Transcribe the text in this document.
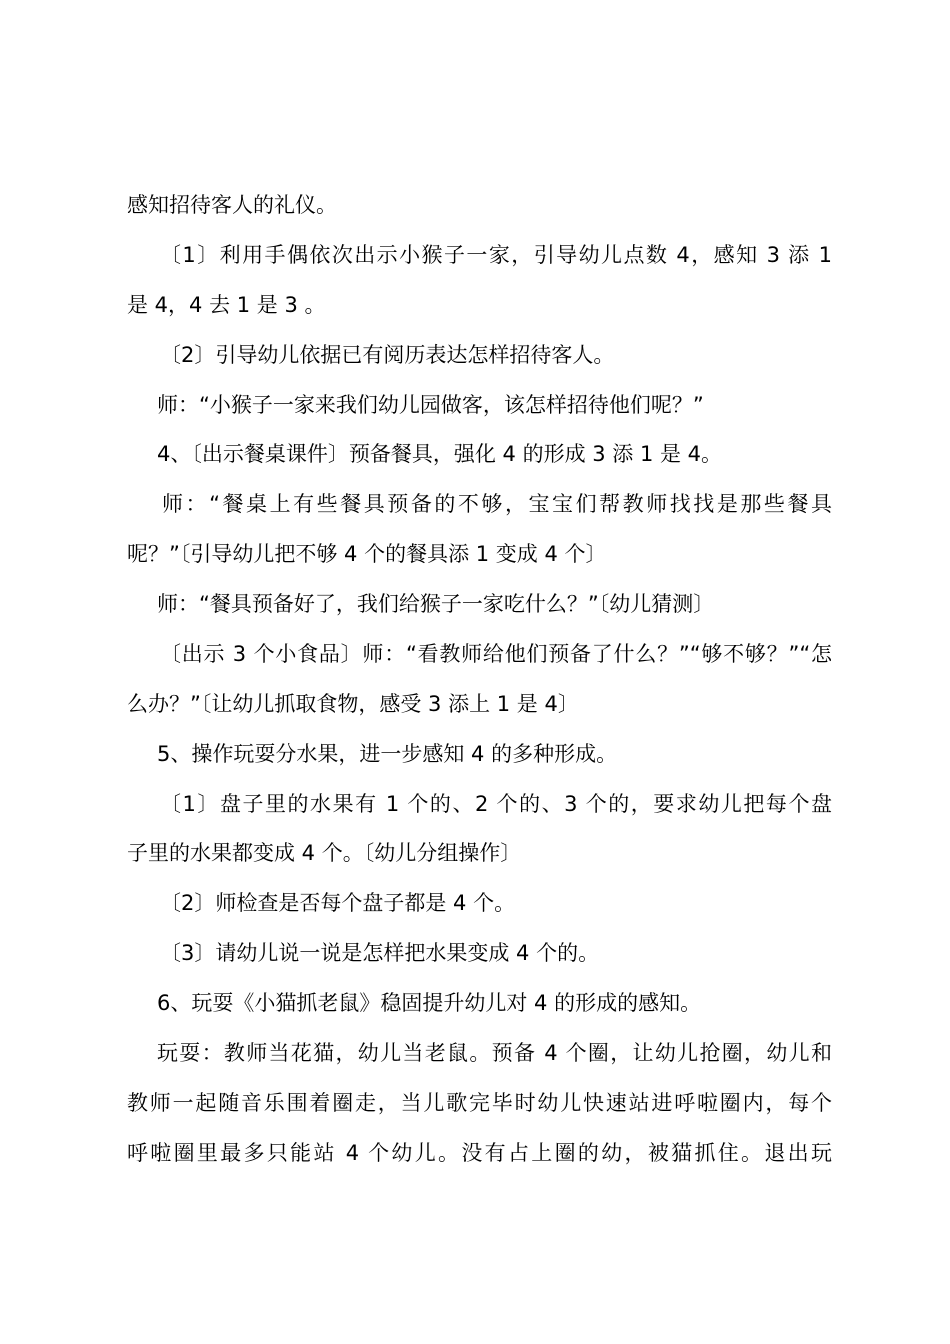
感知招待客人的礼仪。
〔1〕利用手偶依次出示小猴子一家，引导幼儿点数 4，感知 3 添 1
是 4，4 去 1 是 3 。
〔2〕引导幼儿依据已有阅历表达怎样招待客人。
师：“小猴子一家来我们幼儿园做客，该怎样招待他们呢？”
4、〔出示餐桌课件〕预备餐具，强化 4 的形成 3 添 1 是 4。
师：“餐桌上有些餐具预备的不够，宝宝们帮教师找找是那些餐具
呢？”〔引导幼儿把不够 4 个的餐具添 1 变成 4 个〕
师：“餐具预备好了，我们给猴子一家吃什么？”〔幼儿猜测〕
〔出示 3 个小食品〕师：“看教师给他们预备了什么？”“够不够？”“怎
么办？”〔让幼儿抓取食物，感受 3 添上 1 是 4〕
5、操作玩耍分水果，进一步感知 4 的多种形成。
〔1〕盘子里的水果有 1 个的、2 个的、3 个的，要求幼儿把每个盘
子里的水果都变成 4 个。〔幼儿分组操作〕
〔2〕师检查是否每个盘子都是 4 个。
〔3〕请幼儿说一说是怎样把水果变成 4 个的。
6、玩耍《小猫抓老鼠》稳固提升幼儿对 4 的形成的感知。
玩耍：教师当花猫，幼儿当老鼠。预备 4 个圈，让幼儿抢圈，幼儿和
教师一起随音乐围着圈走，当儿歌完毕时幼儿快速站进呼啦圈内，每个
呼啦圈里最多只能站 4 个幼儿。没有占上圈的幼，被猫抓住。退出玩
